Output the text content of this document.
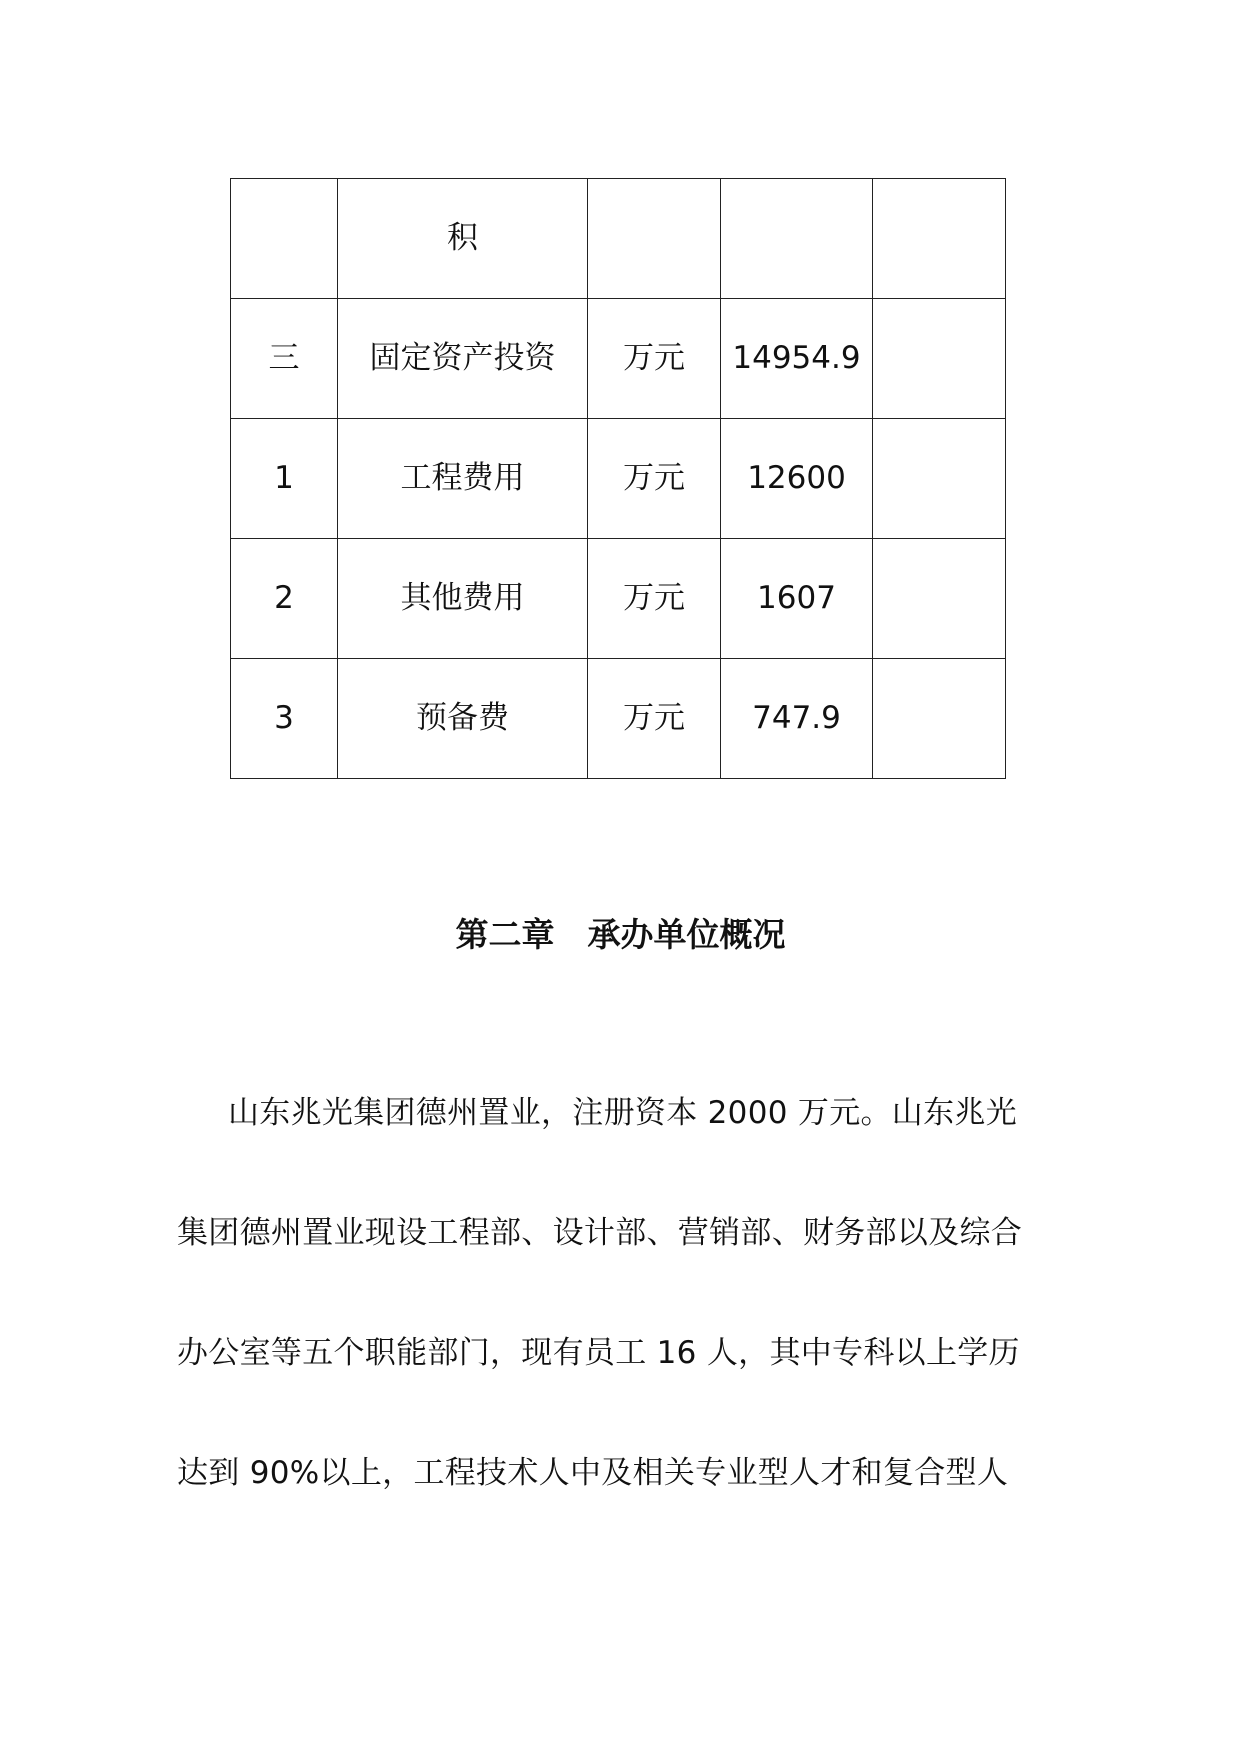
	积			
三	固定资产投资	万元	14954.9	
1	工程费用	万元	12600	
2	其他费用	万元	1607	
3	预备费	万元	747.9	
第二章　承办单位概况
山东兆光集团德州置业，注册资本 2000 万元。山东兆光
集团德州置业现设工程部、设计部、营销部、财务部以及综合
办公室等五个职能部门，现有员工 16 人，其中专科以上学历
达到 90%以上，工程技术人中及相关专业型人才和复合型人
